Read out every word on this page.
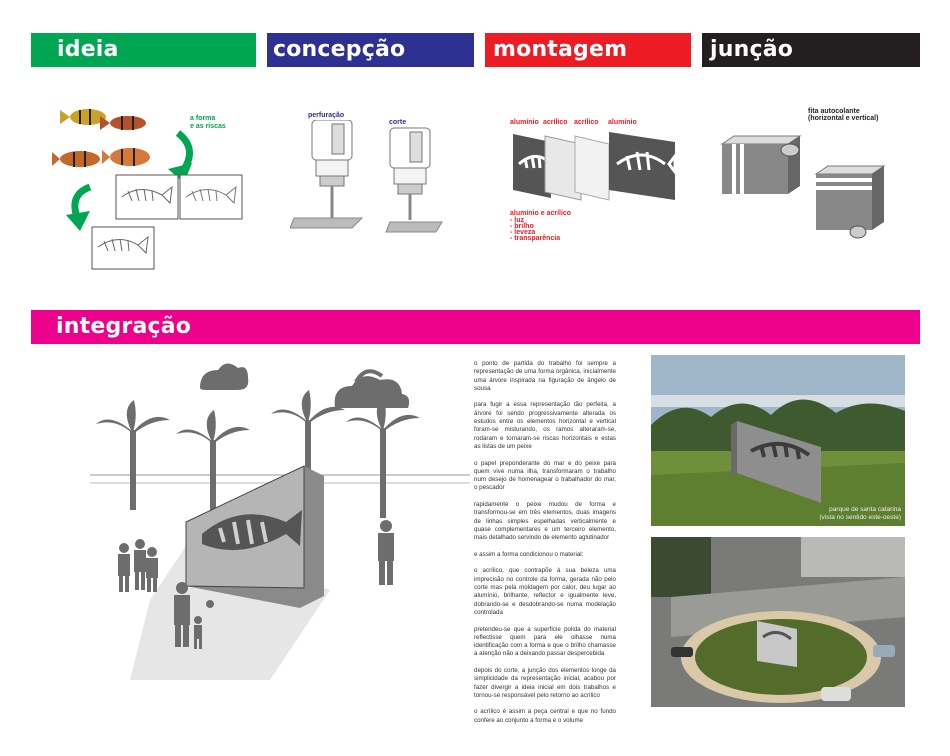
ideia	concepção	montagem	junção
integração
a forma
e as riscas
perfuração
corte	alumínio acrílico acrílico alumínio
alumínio e acrílico
- luz
- brilho
- leveza
- transparência
fita autocolante
(horizontal e vertical)

o ponto de partida do trabalho foi sempre a representação de uma forma orgânica, inicialmente uma árvore inspirada na figuração de ângelo de sousa

para fugir a essa representação tão perfeita, a árvore foi sendo progressivamente alterada os estudos entre os elementos horizontal e vertical foram-se misturando, os ramos alteraram-se, rodaram e tornaram-se riscas horizontais e estas as listas de um peixe

o papel preponderante do mar e do peixe para quem vive numa ilha, transformaram o trabalho num desejo de homenagear o trabalhador do mar, o pescador

rapidamente o peixe mudou de forma e transformou-se em três elementos, duas imagens de linhas simples espelhadas verticalmente e quase complementares e um terceiro elemento, mais detalhado servindo de elemento aglutinador

e assim a forma condicionou o material:

o acrílico, que contrapõe à sua beleza uma imprecisão no controle da forma, gerada não pelo corte mas pela moldagem por calor, deu lugar ao alumínio, brilhante, reflector e igualmente leve, dobrando-se e desdobrando-se numa modelação controlada

pretendeu-se que a superfície polida do material reflectisse quem para ele olhasse numa identificação com a forma e que o brilho chamasse a atenção não a deixando passar despercebida

depois do corte, a junção dos elementos longe da simplicidade da representação inicial, acabou por fazer divergir a ideia inicial em dois trabalhos e tornou-se responsável pelo retorno ao acrílico

o acrílico é assim a peça central e que no fundo confere ao conjunto a forma e o volume

parque de santa catarina
(vista no sentido este-oeste)
